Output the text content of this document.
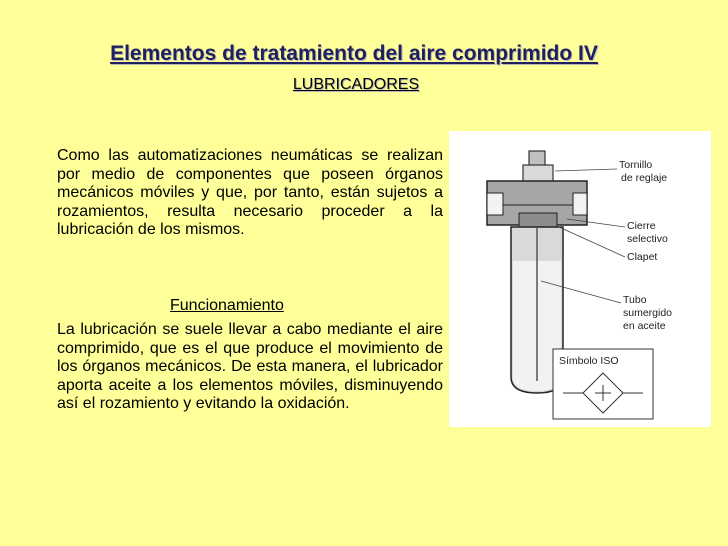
Elementos de tratamiento del aire comprimido IV
LUBRICADORES
Como las automatizaciones neumáticas se realizan por medio de componentes que poseen órganos mecánicos móviles y que, por tanto, están sujetos a rozamientos, resulta necesario proceder a la lubricación de los mismos.
Funcionamiento
La lubricación se suele llevar a cabo mediante el aire comprimido, que es el que produce el movimiento de los órganos mecánicos. De esta manera, el lubricador aporta aceite a los elementos móviles, disminuyendo así el rozamiento y evitando la oxidación.
Tornillo
de reglaje
Cierre
selectivo
Clapet
Tubo
sumergido
en aceite
Símbolo ISO
